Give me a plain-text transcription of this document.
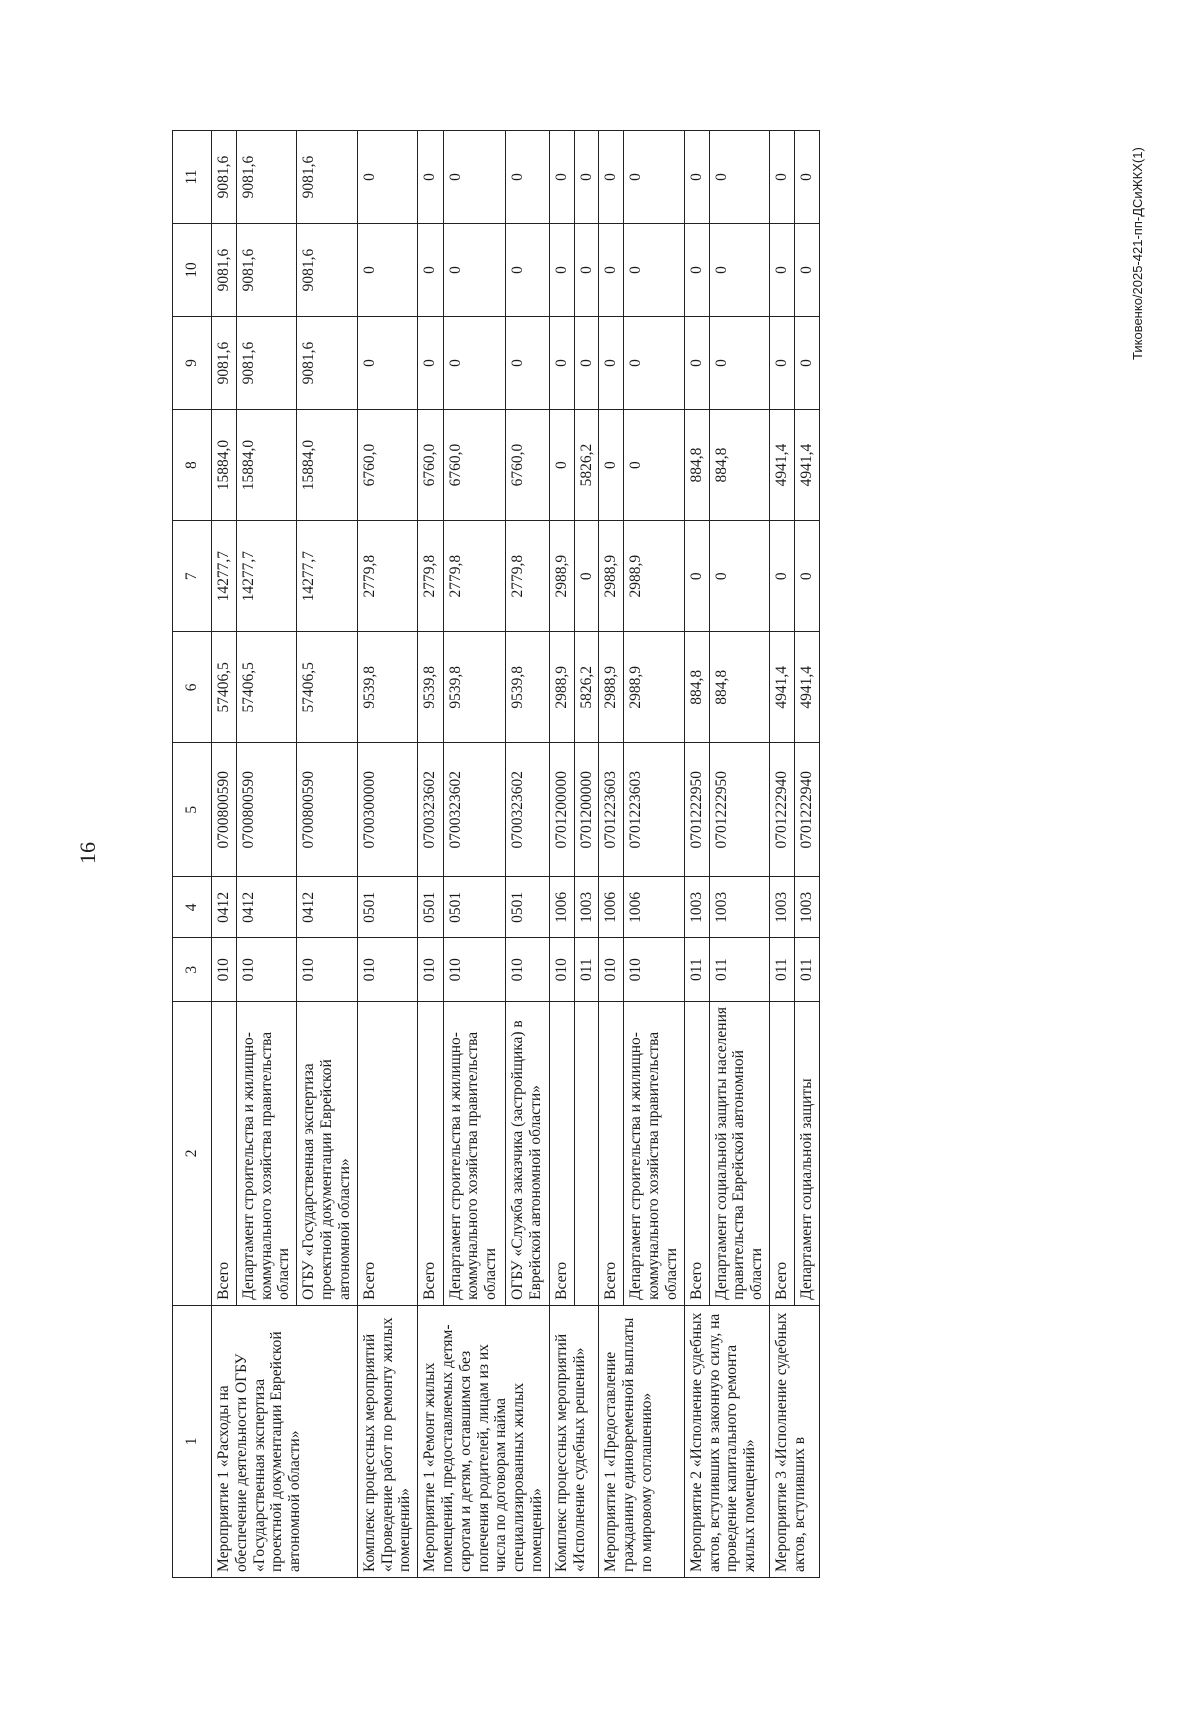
16
Тиковенко/2025-421-пп-ДСиЖКХ(1)
1	2	3	4	5	6	7	8	9	10	11
Мероприятие 1 «Расходы на обеспечение деятельности ОГБУ «Государственная экспертиза проектной документации Еврейской автономной области»	Всего	010	0412	0700800590	57406,5	14277,7	15884,0	9081,6	9081,6	9081,6
	Департамент строительства и жилищно-коммунального хозяйства правительства области	010	0412	0700800590	57406,5	14277,7	15884,0	9081,6	9081,6	9081,6
	ОГБУ «Государственная экспертиза проектной документации Еврейской автономной области»	010	0412	0700800590	57406,5	14277,7	15884,0	9081,6	9081,6	9081,6
Комплекс процессных мероприятий «Проведение работ по ремонту жилых помещений»	Всего	010	0501	0700300000	9539,8	2779,8	6760,0	0	0	0
Мероприятие 1 «Ремонт жилых помещений, предоставляемых детям-сиротам и детям, оставшимся без попечения родителей, лицам из их числа по договорам найма специализированных жилых помещений»	Всего	010	0501	0700323602	9539,8	2779,8	6760,0	0	0	0
	Департамент строительства и жилищно-коммунального хозяйства правительства области	010	0501	0700323602	9539,8	2779,8	6760,0	0	0	0
	ОГБУ «Служба заказчика (застройщика) в Еврейской автономной области»	010	0501	0700323602	9539,8	2779,8	6760,0	0	0	0
Комплекс процессных мероприятий «Исполнение судебных решений»	Всего	010	1006	0701200000	2988,9	2988,9	0	0	0	0
		011	1003	0701200000	5826,2	0	5826,2	0	0	0
Мероприятие 1 «Предоставление гражданину единовременной выплаты по мировому соглашению»	Всего	010	1006	0701223603	2988,9	2988,9	0	0	0	0
	Департамент строительства и жилищно-коммунального хозяйства правительства области	010	1006	0701223603	2988,9	2988,9	0	0	0	0
Мероприятие 2 «Исполнение судебных актов, вступивших в законную силу, на проведение капитального ремонта жилых помещений»	Всего	011	1003	0701222950	884,8	0	884,8	0	0	0
	Департамент социальной защиты населения правительства Еврейской автономной области	011	1003	0701222950	884,8	0	884,8	0	0	0
Мероприятие 3 «Исполнение судебных актов, вступивших в	Всего	011	1003	0701222940	4941,4	0	4941,4	0	0	0
	Департамент социальной защиты	011	1003	0701222940	4941,4	0	4941,4	0	0	0
